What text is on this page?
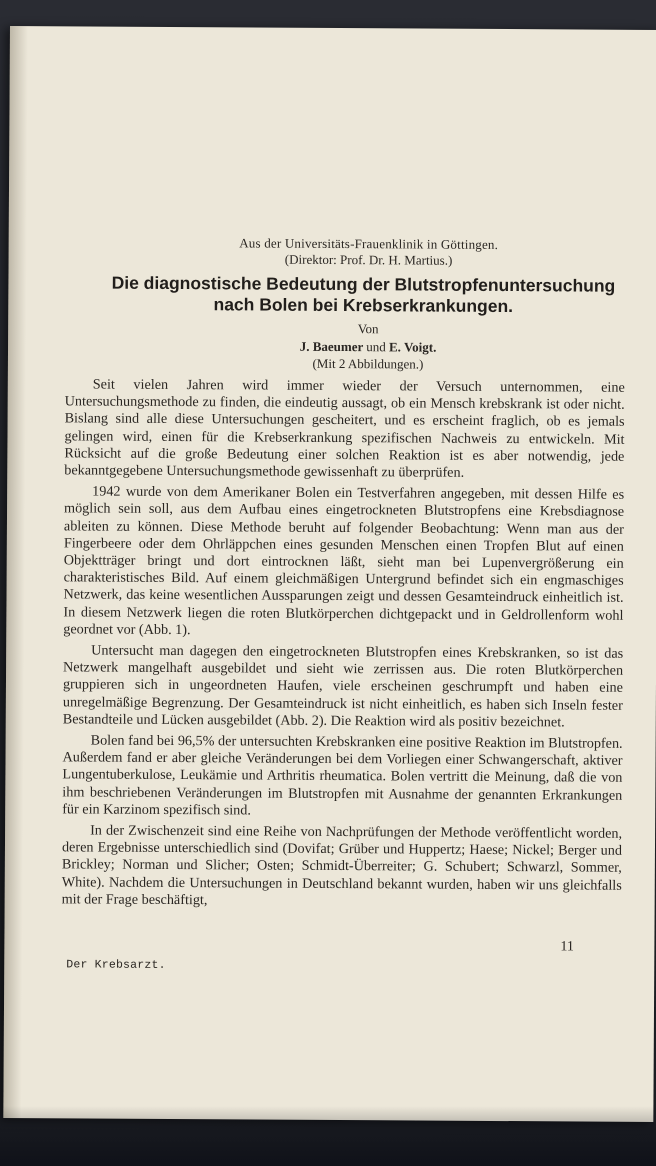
Aus der Universitäts-Frauenklinik in Göttingen.
(Direktor: Prof. Dr. H. Martius.)
Die diagnostische Bedeutung der Blutstropfenuntersuchung
nach Bolen bei Krebserkrankungen.
Von
J. Baeumer und E. Voigt.
(Mit 2 Abbildungen.)

Seit vielen Jahren wird immer wieder der Versuch unternommen, eine Untersuchungsmethode zu finden, die eindeutig aussagt, ob ein Mensch krebskrank ist oder nicht. Bislang sind alle diese Untersuchungen gescheitert, und es erscheint fraglich, ob es jemals gelingen wird, einen für die Krebserkrankung spezifischen Nachweis zu entwickeln. Mit Rücksicht auf die große Bedeutung einer solchen Reaktion ist es aber notwendig, jede bekanntgegebene Untersuchungsmethode gewissenhaft zu überprüfen.

1942 wurde von dem Amerikaner Bolen ein Testverfahren angegeben, mit dessen Hilfe es möglich sein soll, aus dem Aufbau eines eingetrockneten Blutstropfens eine Krebsdiagnose ableiten zu können. Diese Methode beruht auf folgender Beobachtung: Wenn man aus der Fingerbeere oder dem Ohrläppchen eines gesunden Menschen einen Tropfen Blut auf einen Objektträger bringt und dort eintrocknen läßt, sieht man bei Lupenvergrößerung ein charakteristisches Bild. Auf einem gleichmäßigen Untergrund befindet sich ein engmaschiges Netzwerk, das keine wesentlichen Aussparungen zeigt und dessen Gesamteindruck einheitlich ist. In diesem Netzwerk liegen die roten Blutkörperchen dichtgepackt und in Geldrollenform wohl geordnet vor (Abb. 1).

Untersucht man dagegen den eingetrockneten Blutstropfen eines Krebskranken, so ist das Netzwerk mangelhaft ausgebildet und sieht wie zerrissen aus. Die roten Blutkörperchen gruppieren sich in ungeordneten Haufen, viele erscheinen geschrumpft und haben eine unregelmäßige Begrenzung. Der Gesamteindruck ist nicht einheitlich, es haben sich Inseln fester Bestandteile und Lücken ausgebildet (Abb. 2). Die Reaktion wird als positiv bezeichnet.

Bolen fand bei 96,5% der untersuchten Krebskranken eine positive Reaktion im Blutstropfen. Außerdem fand er aber gleiche Veränderungen bei dem Vorliegen einer Schwangerschaft, aktiver Lungentuberkulose, Leukämie und Arthritis rheumatica. Bolen vertritt die Meinung, daß die von ihm beschriebenen Veränderungen im Blutstropfen mit Ausnahme der genannten Erkrankungen für ein Karzinom spezifisch sind.

In der Zwischenzeit sind eine Reihe von Nachprüfungen der Methode veröffentlicht worden, deren Ergebnisse unterschiedlich sind (Dovifat; Grüber und Huppertz; Haese; Nickel; Berger und Brickley; Norman und Slicher; Osten; Schmidt-Überreiter; G. Schubert; Schwarzl, Sommer, White). Nachdem die Untersuchungen in Deutschland bekannt wurden, haben wir uns gleichfalls mit der Frage beschäftigt,

11
Der Krebsarzt.
